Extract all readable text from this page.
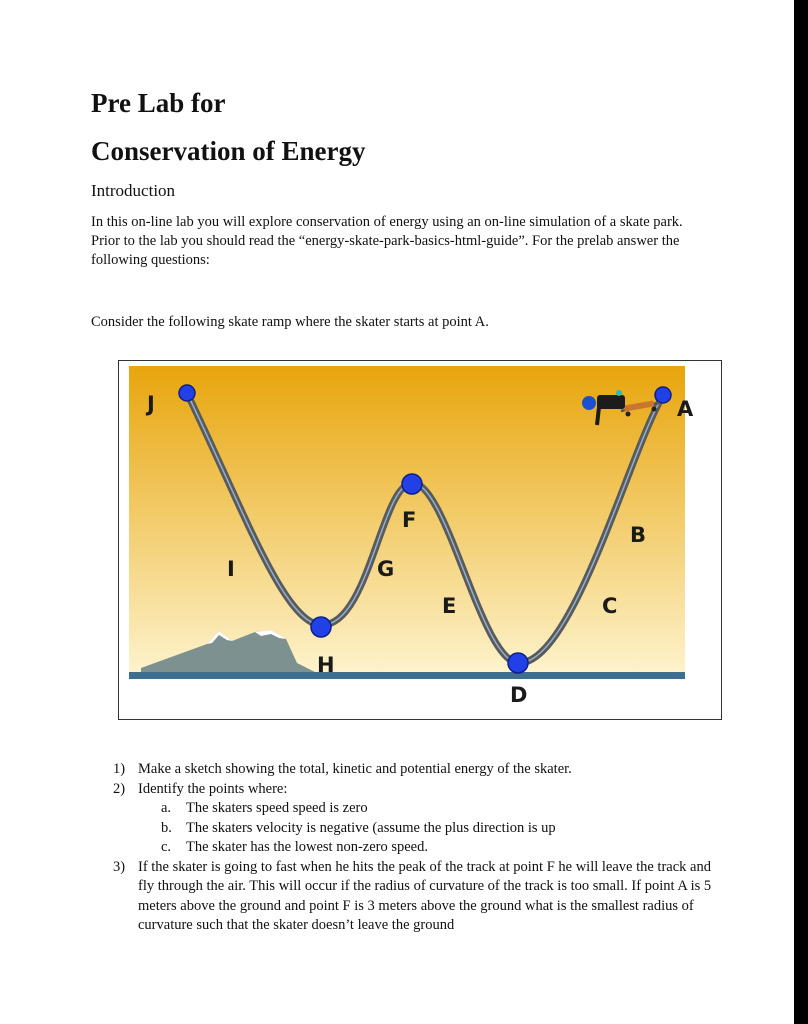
Pre Lab for
Conservation of Energy

Introduction

In this on-line lab you will explore conservation of energy using an on-line simulation of a skate park. Prior to the lab you should read the “energy-skate-park-basics-html-guide”. For the prelab answer the following questions:

Consider the following skate ramp where the skater starts at point A.

J	A
F
B
I	G
E	C
H
D
1) Make a sketch showing the total, kinetic and potential energy of the skater.
2) Identify the points where:
a. The skaters speed speed is zero
b. The skaters velocity is negative (assume the plus direction is up
c. The skater has the lowest non-zero speed.
3) If the skater is going to fast when he hits the peak of the track at point F he will leave the track and fly through the air. This will occur if the radius of curvature of the track is too small. If point A is 5 meters above the ground and point F is 3 meters above the ground what is the smallest radius of curvature such that the skater doesn’t leave the ground
